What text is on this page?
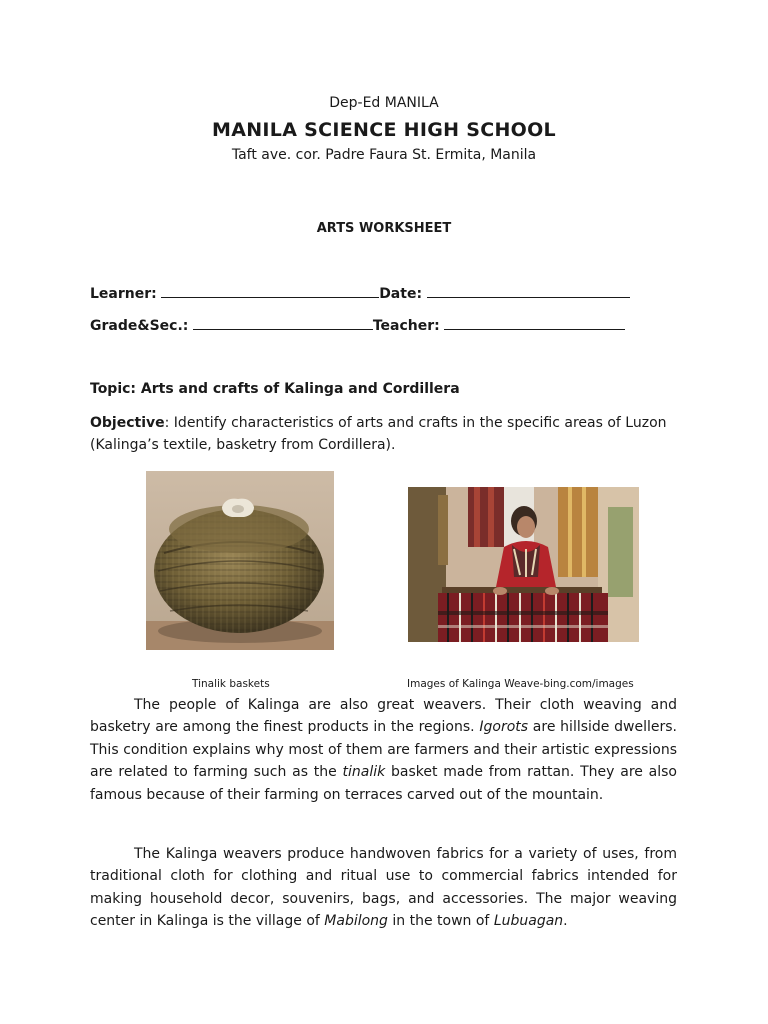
Dep-Ed MANILA
MANILA SCIENCE HIGH SCHOOL
Taft ave. cor. Padre Faura St. Ermita, Manila
ARTS WORKSHEET
Learner:	Date:
Grade&Sec.:	Teacher:
Topic: Arts and crafts of Kalinga and Cordillera
Objective: Identify characteristics of arts and crafts in the specific areas of Luzon (Kalinga’s textile, basketry from Cordillera).
Tinalik baskets	Images of Kalinga Weave-bing.com/images
The people of Kalinga are also great weavers. Their cloth weaving and basketry are among the finest products in the regions. Igorots are hillside dwellers. This condition explains why most of them are farmers and their artistic expressions are related to farming such as the tinalik basket made from rattan. They are also famous because of their farming on terraces carved out of the mountain.
The Kalinga weavers produce handwoven fabrics for a variety of uses, from traditional cloth for clothing and ritual use to commercial fabrics intended for making household decor, souvenirs, bags, and accessories. The major weaving center in Kalinga is the village of Mabilong in the town of Lubuagan.
